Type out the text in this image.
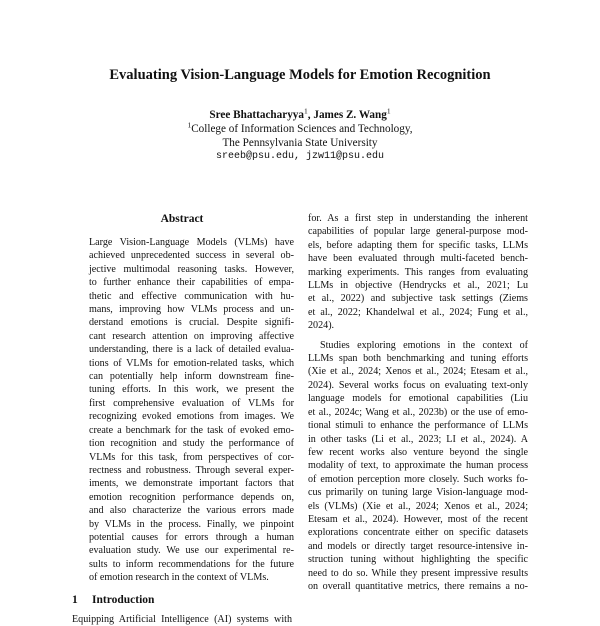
Evaluating Vision-Language Models for Emotion Recognition
Sree Bhattacharyya$^1$, James Z. Wang$^1$
$^1$College of Information Sciences and Technology,
The Pennsylvania State University
sreeb@psu.edu, jzw11@psu.edu
Abstract
Large Vision-Language Models (VLMs) have
achieved unprecedented success in several ob-
jective multimodal reasoning tasks. However,
to further enhance their capabilities of empa-
thetic and effective communication with hu-
mans, improving how VLMs process and un-
derstand emotions is crucial. Despite signifi-
cant research attention on improving affective
understanding, there is a lack of detailed evalua-
tions of VLMs for emotion-related tasks, which
can potentially help inform downstream fine-
tuning efforts. In this work, we present the
first comprehensive evaluation of VLMs for
recognizing evoked emotions from images. We
create a benchmark for the task of evoked emo-
tion recognition and study the performance of
VLMs for this task, from perspectives of cor-
rectness and robustness. Through several exper-
iments, we demonstrate important factors that
emotion recognition performance depends on,
and also characterize the various errors made
by VLMs in the process. Finally, we pinpoint
potential causes for errors through a human
evaluation study. We use our experimental re-
sults to inform recommendations for the future
of emotion research in the context of VLMs.
1 Introduction
Equipping Artificial Intelligence (AI) systems with
for. As a first step in understanding the inherent
capabilities of popular large general-purpose mod-
els, before adapting them for specific tasks, LLMs
have been evaluated through multi-faceted bench-
marking experiments. This ranges from evaluating
LLMs in objective (Hendrycks et al., 2021; Lu
et al., 2022) and subjective task settings (Ziems
et al., 2022; Khandelwal et al., 2024; Fung et al.,
2024).
Studies exploring emotions in the context of
LLMs span both benchmarking and tuning efforts
(Xie et al., 2024; Xenos et al., 2024; Etesam et al.,
2024). Several works focus on evaluating text-only
language models for emotional capabilities (Liu
et al., 2024c; Wang et al., 2023b) or the use of emo-
tional stimuli to enhance the performance of LLMs
in other tasks (Li et al., 2023; LI et al., 2024). A
few recent works also venture beyond the single
modality of text, to approximate the human process
of emotion perception more closely. Such works fo-
cus primarily on tuning large Vision-language mod-
els (VLMs) (Xie et al., 2024; Xenos et al., 2024;
Etesam et al., 2024). However, most of the recent
explorations concentrate either on specific datasets
and models or directly target resource-intensive in-
struction tuning without highlighting the specific
need to do so. While they present impressive results
on overall quantitative metrics, there remains a no-
